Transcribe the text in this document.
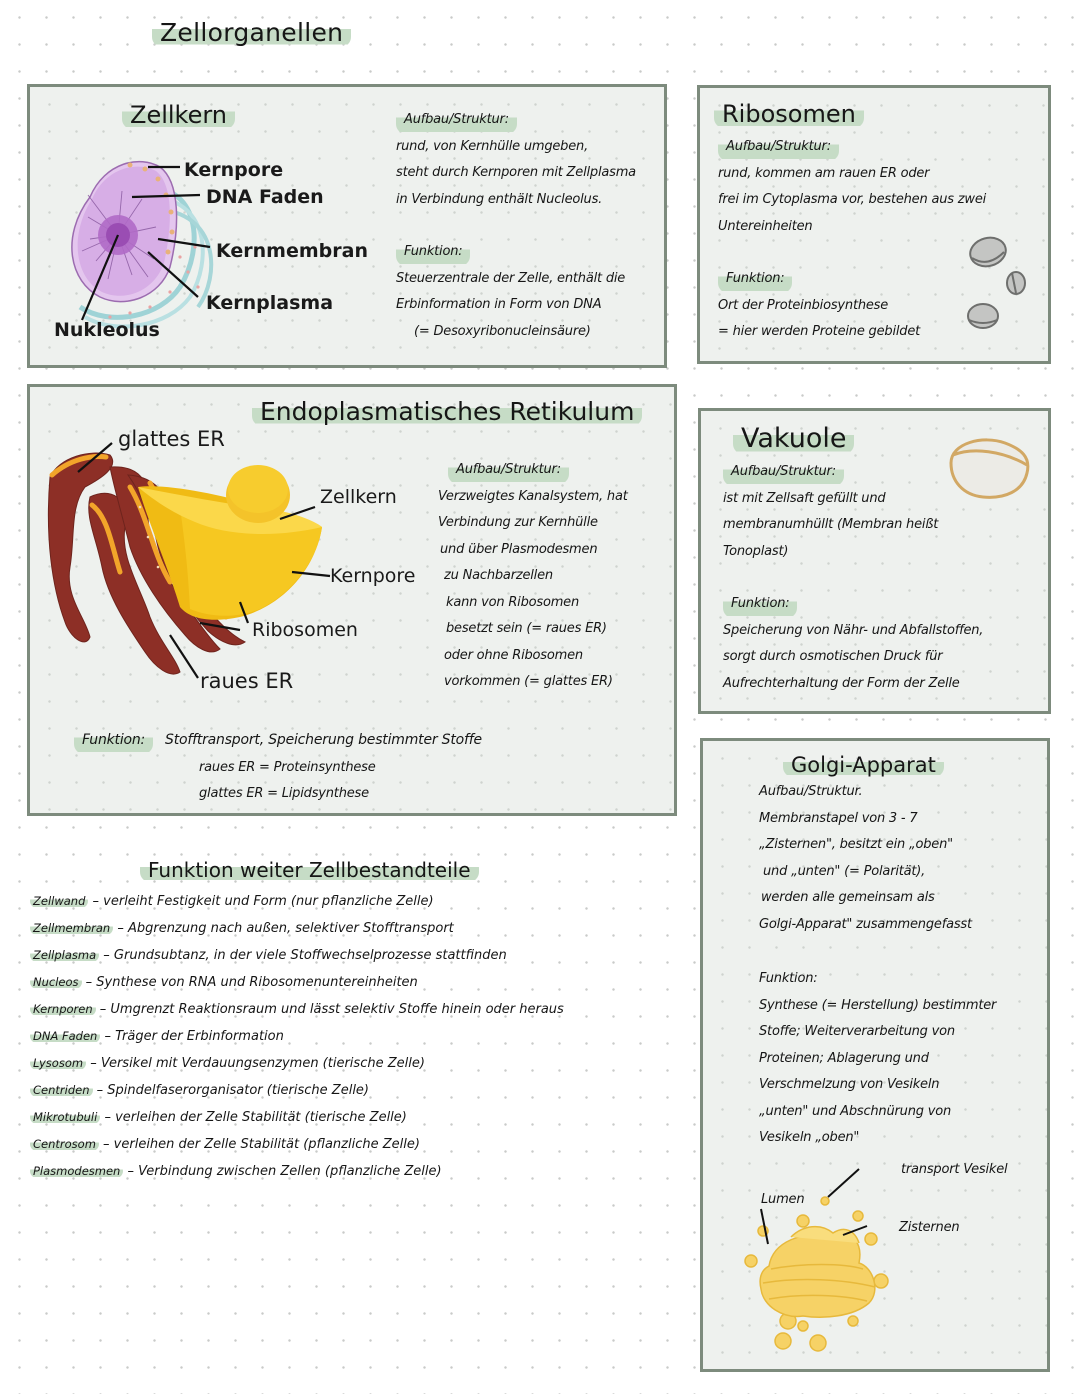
Zellorganellen
Zellkern
Kernpore
DNA Faden
Kernmembran
Kernplasma
Nukleolus
Aufbau/Struktur:
rund, von Kernhülle umgeben,
steht durch Kernporen mit Zellplasma
in Verbindung enthält Nucleolus.
Funktion:
Steuerzentrale der Zelle, enthält die
Erbinformation in Form von DNA
(= Desoxyribonucleinsäure)
Ribosomen
Aufbau/Struktur:
rund, kommen am rauen ER oder
frei im Cytoplasma vor, bestehen aus zwei
Untereinheiten
Funktion:
Ort der Proteinbiosynthese
= hier werden Proteine gebildet
Endoplasmatisches Retikulum
glattes ER
Zellkern
Kernpore
Ribosomen
raues ER
Aufbau/Struktur:
Verzweigtes Kanalsystem, hat
Verbindung zur Kernhülle
und über Plasmodesmen
zu Nachbarzellen
kann von Ribosomen
besetzt sein (= raues ER)
oder ohne Ribosomen
vorkommen (= glattes ER)
Funktion: Stofftransport, Speicherung bestimmter Stoffe
raues ER = Proteinsynthese
glattes ER = Lipidsynthese
Vakuole
Aufbau/Struktur:
ist mit Zellsaft gefüllt und
membranumhüllt (Membran heißt
Tonoplast)
Funktion:
Speicherung von Nähr- und Abfallstoffen,
sorgt durch osmotischen Druck für
Aufrechterhaltung der Form der Zelle
Golgi-Apparat
Aufbau/Struktur.
Membranstapel von 3 - 7
„Zisternen", besitzt ein „oben"
und „unten" (= Polarität),
werden alle gemeinsam als
Golgi-Apparat" zusammengefasst
Funktion:
Synthese (= Herstellung) bestimmter
Stoffe; Weiterverarbeitung von
Proteinen; Ablagerung und
Verschmelzung von Vesikeln
„unten" und Abschnürung von
Vesikeln „oben"
transport Vesikel
Lumen
Zisternen
Funktion weiter Zellbestandteile
Zellwand – verleiht Festigkeit und Form (nur pflanzliche Zelle)
Zellmembran – Abgrenzung nach außen, selektiver Stofftransport
Zellplasma – Grundsubtanz, in der viele Stoffwechselprozesse stattfinden
Nucleos – Synthese von RNA und Ribosomenuntereinheiten
Kernporen – Umgrenzt Reaktionsraum und lässt selektiv Stoffe hinein oder heraus
DNA Faden – Träger der Erbinformation
Lysosom – Versikel mit Verdauungsenzymen (tierische Zelle)
Centriden – Spindelfaserorganisator (tierische Zelle)
Mikrotubuli – verleihen der Zelle Stabilität (tierische Zelle)
Centrosom – verleihen der Zelle Stabilität (pflanzliche Zelle)
Plasmodesmen – Verbindung zwischen Zellen (pflanzliche Zelle)
